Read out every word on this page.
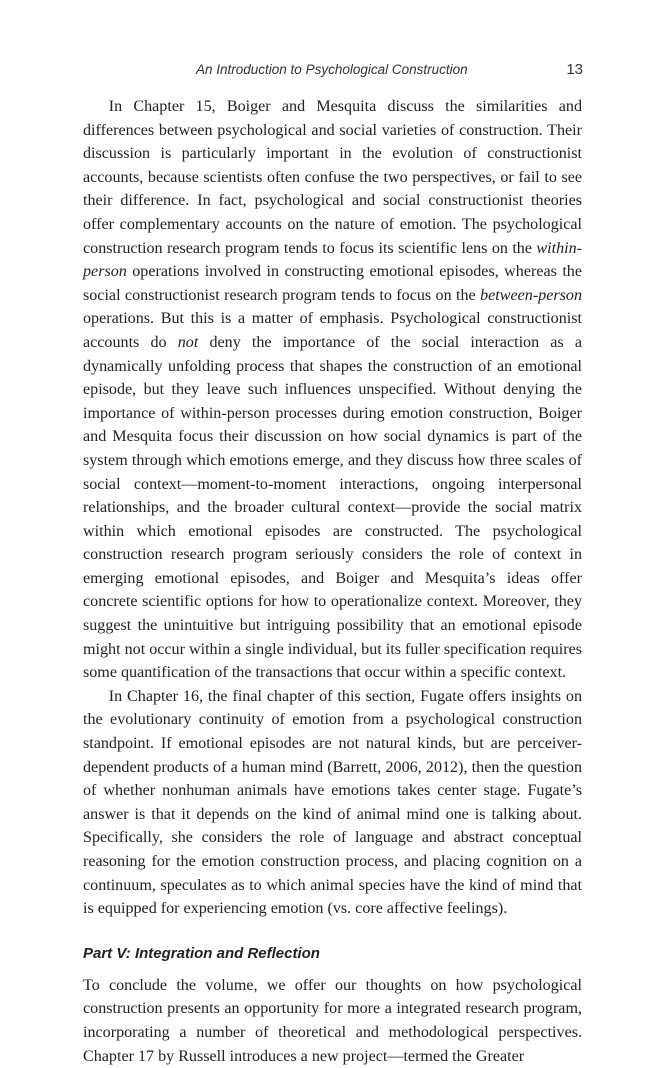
An Introduction to Psychological Construction	13

In Chapter 15, Boiger and Mesquita discuss the similarities and differences between psychological and social varieties of construction. Their discussion is particularly important in the evolution of constructionist accounts, because scientists often confuse the two perspectives, or fail to see their difference. In fact, psychological and social constructionist theories offer complementary accounts on the nature of emotion. The psychological construction research program tends to focus its scientific lens on the within-person operations involved in constructing emotional episodes, whereas the social constructionist research program tends to focus on the between-person operations. But this is a matter of emphasis. Psychological constructionist accounts do not deny the importance of the social interaction as a dynamically unfolding process that shapes the construction of an emotional episode, but they leave such influences unspecified. Without denying the importance of within-person processes during emotion construction, Boiger and Mesquita focus their discussion on how social dynamics is part of the system through which emotions emerge, and they discuss how three scales of social context—moment-to-moment interactions, ongoing interpersonal relationships, and the broader cultural context—provide the social matrix within which emotional episodes are constructed. The psychological construction research program seriously considers the role of context in emerging emotional episodes, and Boiger and Mesquita’s ideas offer concrete scientific options for how to operationalize context. Moreover, they suggest the unintuitive but intriguing possibility that an emotional episode might not occur within a single individual, but its fuller specification requires some quantification of the transactions that occur within a specific context.

In Chapter 16, the final chapter of this section, Fugate offers insights on the evolutionary continuity of emotion from a psychological construction standpoint. If emotional episodes are not natural kinds, but are perceiver-dependent products of a human mind (Barrett, 2006, 2012), then the question of whether nonhuman animals have emotions takes center stage. Fugate’s answer is that it depends on the kind of animal mind one is talking about. Specifically, she considers the role of language and abstract conceptual reasoning for the emotion construction process, and placing cognition on a continuum, speculates as to which animal species have the kind of mind that is equipped for experiencing emotion (vs. core affective feelings).

Part V: Integration and Reflection

To conclude the volume, we offer our thoughts on how psychological construction presents an opportunity for more a integrated research program, incorporating a number of theoretical and methodological perspectives. Chapter 17 by Russell introduces a new project—termed the Greater
